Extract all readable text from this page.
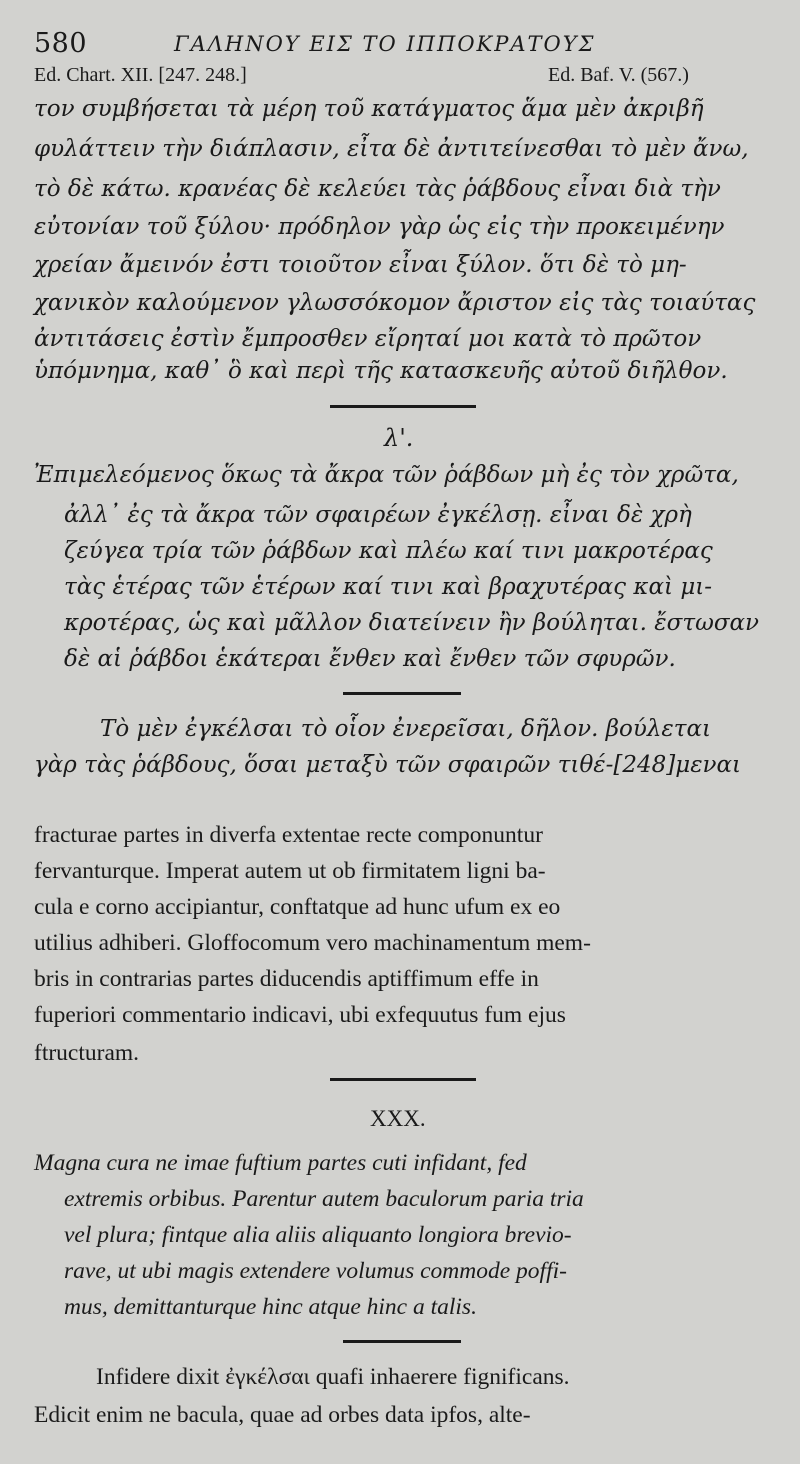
580	ΓΑΛΗΝΟΥ ΕΙΣ ΤΟ ΙΠΠΟΚΡΑΤΟΥΣ
Ed. Chart. XII. [247. 248.]	Ed. Baf. V. (567.)
τον συμβήσεται τὰ μέρη τοῦ κατάγματος ἅμα μὲν ἀκριβῆ
φυλάττειν τὴν διάπλασιν, εἶτα δὲ ἀντιτείνεσθαι τὸ μὲν ἄνω,
τὸ δὲ κάτω. κρανέας δὲ κελεύει τὰς ῥάβδους εἶναι διὰ τὴν
εὐτονίαν τοῦ ξύλου· πρόδηλον γὰρ ὡς εἰς τὴν προκειμένην
χρείαν ἄμεινόν ἐστι τοιοῦτον εἶναι ξύλον. ὅτι δὲ τὸ μη-
χανικὸν καλούμενον γλωσσόκομον ἄριστον εἰς τὰς τοιαύτας
ἀντιτάσεις ἐστὶν ἔμπροσθεν εἴρηταί μοι κατὰ τὸ πρῶτον
ὑπόμνημα, καθ᾽ ὃ καὶ περὶ τῆς κατασκευῆς αὐτοῦ διῆλθον.
λ'.
Ἐπιμελεόμενος ὅκως τὰ ἄκρα τῶν ῥάβδων μὴ ἐς τὸν χρῶτα,
ἀλλ᾽ ἐς τὰ ἄκρα τῶν σφαιρέων ἐγκέλσῃ. εἶναι δὲ χρὴ
ζεύγεα τρία τῶν ῥάβδων καὶ πλέω καί τινι μακροτέρας
τὰς ἑτέρας τῶν ἑτέρων καί τινι καὶ βραχυτέρας καὶ μι-
κροτέρας, ὡς καὶ μᾶλλον διατείνειν ἢν βούληται. ἔστωσαν
δὲ αἱ ῥάβδοι ἑκάτεραι ἔνθεν καὶ ἔνθεν τῶν σφυρῶν.
Τὸ μὲν ἐγκέλσαι τὸ οἷον ἐνερεῖσαι, δῆλον. βούλεται
γὰρ τὰς ῥάβδους, ὅσαι μεταξὺ τῶν σφαιρῶν τιθέ-[248]μεναι
fracturae partes in diverfa extentae recte componuntur
fervanturque. Imperat autem ut ob firmitatem ligni ba-
cula e corno accipiantur, conftatque ad hunc ufum ex eo
utilius adhiberi. Gloffocomum vero machinamentum mem-
bris in contrarias partes diducendis aptiffimum effe in
fuperiori commentario indicavi, ubi exfequutus fum ejus
ftructuram.
XXX.
Magna cura ne imae fuftium partes cuti infidant, fed
extremis orbibus. Parentur autem baculorum paria tria
vel plura; fintque alia aliis aliquanto longiora brevio-
rave, ut ubi magis extendere volumus commode poffi-
mus, demittanturque hinc atque hinc a talis.
Infidere dixit ἐγκέλσαι quafi inhaerere fignificans.
Edicit enim ne bacula, quae ad orbes data ipfos, alte-
